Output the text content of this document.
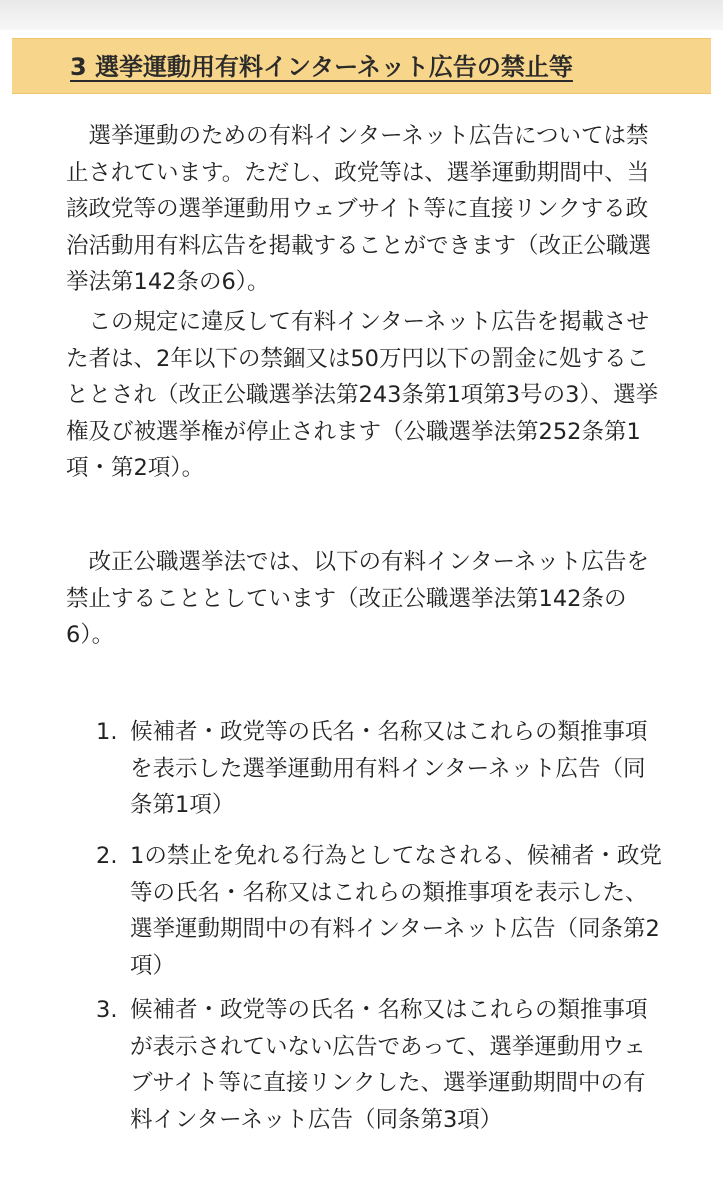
3 選挙運動用有料インターネット広告の禁止等
　選挙運動のための有料インターネット広告については禁
止されています。ただし、政党等は、選挙運動期間中、当
該政党等の選挙運動用ウェブサイト等に直接リンクする政
治活動用有料広告を掲載することができます（改正公職選
挙法第142条の6）。
　この規定に違反して有料インターネット広告を掲載させ
た者は、2年以下の禁錮又は50万円以下の罰金に処するこ
ととされ（改正公職選挙法第243条第1項第3号の3）、選挙
権及び被選挙権が停止されます（公職選挙法第252条第1
項・第2項）。
　改正公職選挙法では、以下の有料インターネット広告を
禁止することとしています（改正公職選挙法第142条の
6）。
1. 候補者・政党等の氏名・名称又はこれらの類推事項
を表示した選挙運動用有料インターネット広告（同
条第1項）
2. 1の禁止を免れる行為としてなされる、候補者・政党
等の氏名・名称又はこれらの類推事項を表示した、
選挙運動期間中の有料インターネット広告（同条第2
項）
3. 候補者・政党等の氏名・名称又はこれらの類推事項
が表示されていない広告であって、選挙運動用ウェ
ブサイト等に直接リンクした、選挙運動期間中の有
料インターネット広告（同条第3項）
